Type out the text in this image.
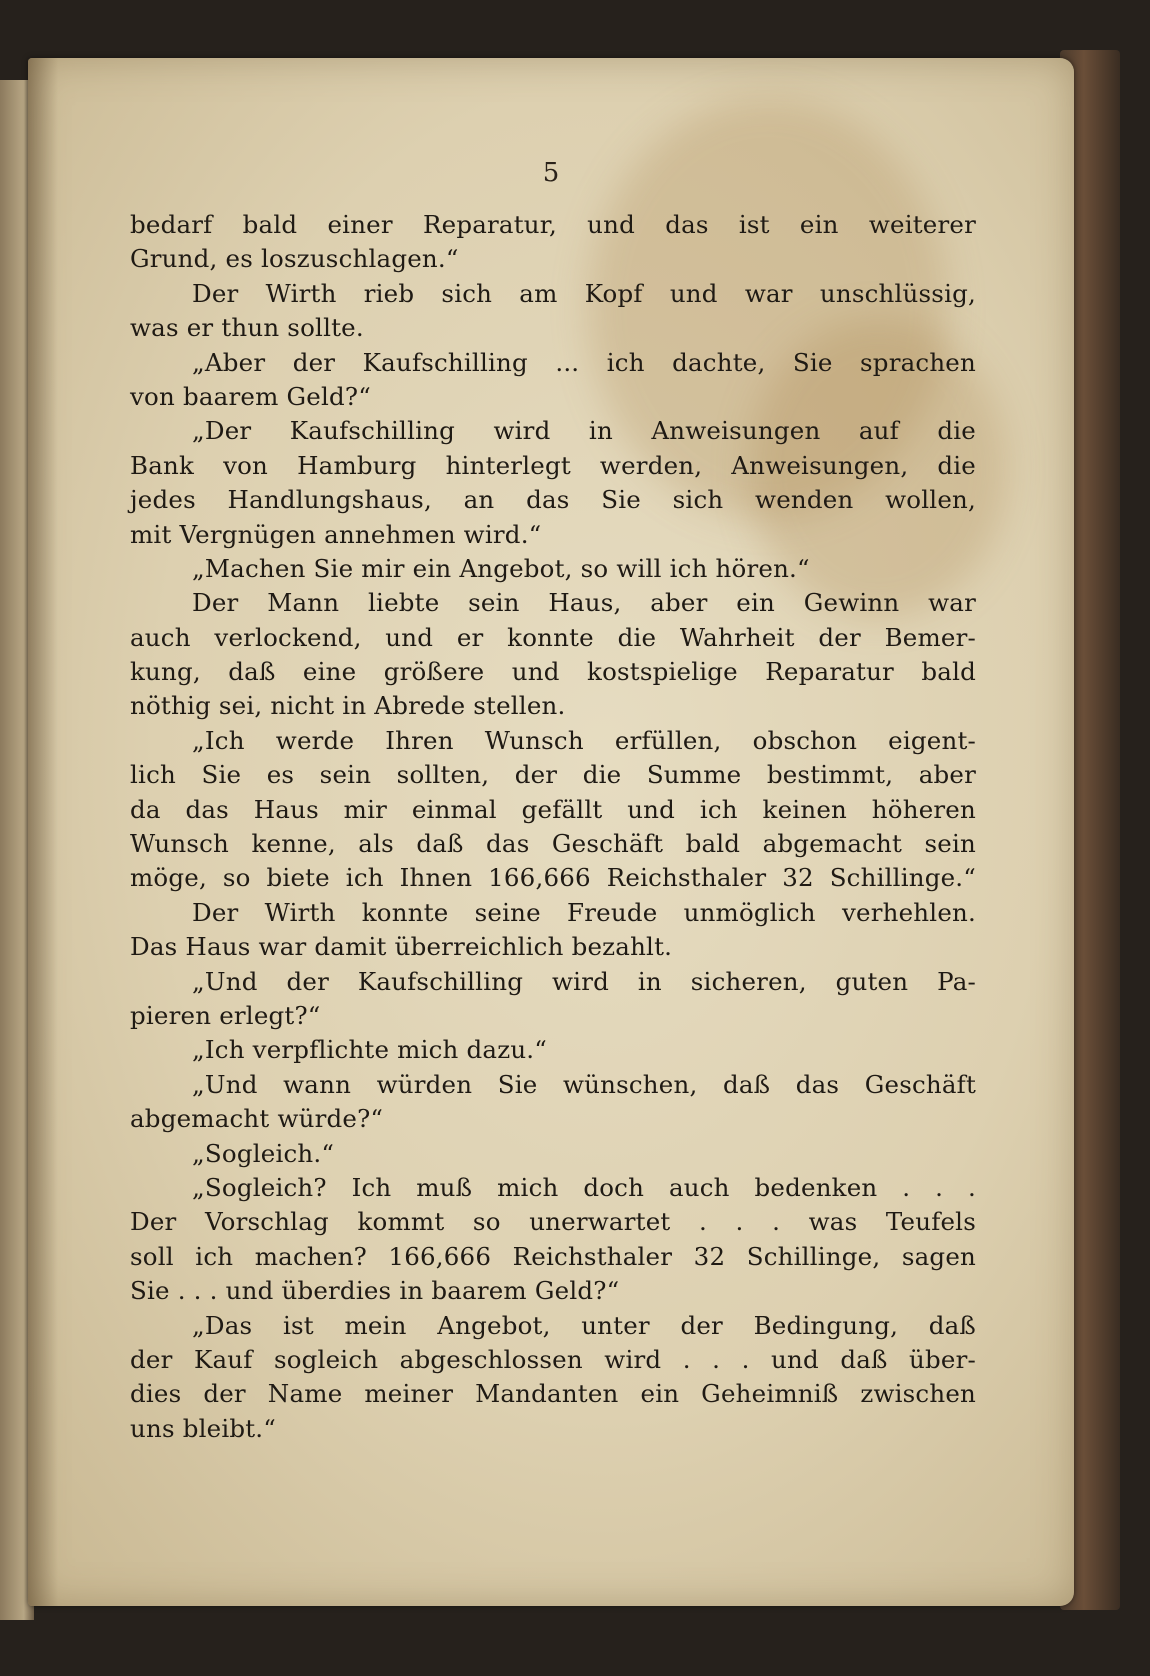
5
bedarf bald einer Reparatur, und das ist ein weiterer
Grund, es loszuschlagen.“
Der Wirth rieb sich am Kopf und war unschlüssig,
was er thun sollte.
„Aber der Kaufschilling ... ich dachte, Sie sprachen
von baarem Geld?“
„Der Kaufschilling wird in Anweisungen auf die
Bank von Hamburg hinterlegt werden, Anweisungen, die
jedes Handlungshaus, an das Sie sich wenden wollen,
mit Vergnügen annehmen wird.“
„Machen Sie mir ein Angebot, so will ich hören.“
Der Mann liebte sein Haus, aber ein Gewinn war
auch verlockend, und er konnte die Wahrheit der Bemer-
kung, daß eine größere und kostspielige Reparatur bald
nöthig sei, nicht in Abrede stellen.
„Ich werde Ihren Wunsch erfüllen, obschon eigent-
lich Sie es sein sollten, der die Summe bestimmt, aber
da das Haus mir einmal gefällt und ich keinen höheren
Wunsch kenne, als daß das Geschäft bald abgemacht sein
möge, so biete ich Ihnen 166,666 Reichsthaler 32 Schillinge.“
Der Wirth konnte seine Freude unmöglich verhehlen.
Das Haus war damit überreichlich bezahlt.
„Und der Kaufschilling wird in sicheren, guten Pa-
pieren erlegt?“
„Ich verpflichte mich dazu.“
„Und wann würden Sie wünschen, daß das Geschäft
abgemacht würde?“
„Sogleich.“
„Sogleich? Ich muß mich doch auch bedenken . . .
Der Vorschlag kommt so unerwartet . . . was Teufels
soll ich machen? 166,666 Reichsthaler 32 Schillinge, sagen
Sie . . . und überdies in baarem Geld?“
„Das ist mein Angebot, unter der Bedingung, daß
der Kauf sogleich abgeschlossen wird . . . und daß über-
dies der Name meiner Mandanten ein Geheimniß zwischen
uns bleibt.“
